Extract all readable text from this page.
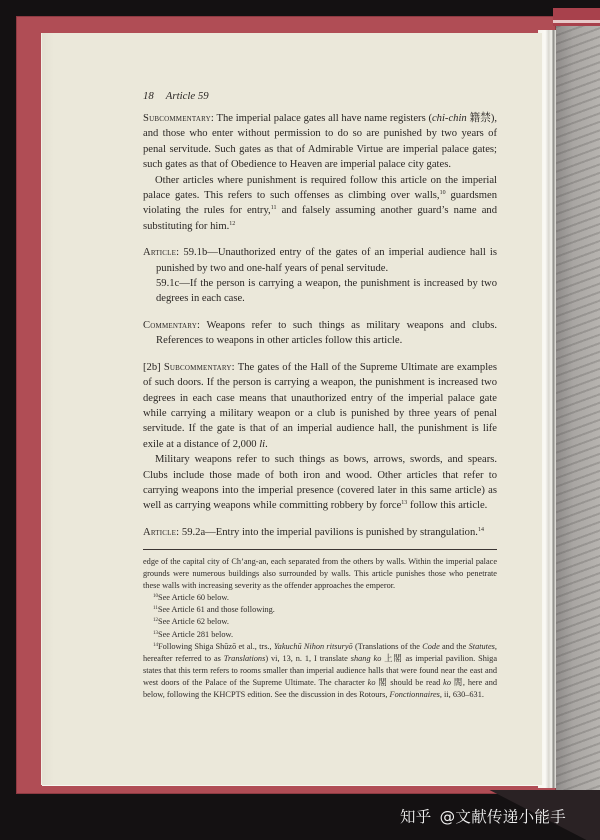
18 Article 59

Subcommentary: The imperial palace gates all have name registers (chi-chin 籍禁), and those who enter without permission to do so are punished by two years of penal servitude. Such gates as that of Admirable Virtue are imperial palace gates; such gates as that of Obedience to Heaven are imperial palace city gates.

Other articles where punishment is required follow this article on the imperial palace gates. This refers to such offenses as climbing over walls,$^{10}$ guardsmen violating the rules for entry,$^{11}$ and falsely assuming another guard’s name and substituting for him.$^{12}$

Article: 59.1b—Unauthorized entry of the gates of an imperial audience hall is punished by two and one-half years of penal servitude.

59.1c—If the person is carrying a weapon, the punishment is increased by two degrees in each case.

Commentary: Weapons refer to such things as military weapons and clubs. References to weapons in other articles follow this article.

[2b] Subcommentary: The gates of the Hall of the Supreme Ultimate are examples of such doors. If the person is carrying a weapon, the punishment is increased two degrees in each case means that unauthorized entry of the imperial palace gate while carrying a military weapon or a club is punished by three years of penal servitude. If the gate is that of an imperial audience hall, the punishment is life exile at a distance of 2,000 li.

Military weapons refer to such things as bows, arrows, swords, and spears. Clubs include those made of both iron and wood. Other articles that refer to carrying weapons into the imperial presence (covered later in this same article) as well as carrying weapons while committing robbery by force$^{13}$ follow this article.

Article: 59.2a—Entry into the imperial pavilions is punished by strangulation.$^{14}$

edge of the capital city of Ch’ang-an, each separated from the others by walls. Within the imperial palace grounds were numerous buildings also surrounded by walls. This article punishes those who penetrate these walls with increasing severity as the offender approaches the emperor.

$^{10}$See Article 60 below.

$^{11}$See Article 61 and those following.

$^{12}$See Article 62 below.

$^{13}$See Article 281 below.

$^{14}$Following Shiga Shūzō et al., trs., Yakuchū Nihon ritsuryō (Translations of the Code and the Statutes, hereafter referred to as Translations) vi, 13, n. 1, I translate shang ko 上閣 as imperial pavilion. Shiga states that this term refers to rooms smaller than imperial audience halls that were found near the east and west doors of the Palace of the Supreme Ultimate. The character ko 閣 should be read ko 閤, here and below, following the KHCPTS edition. See the discussion in des Rotours, Fonctionnaires, ii, 630–631.

知乎 @文献传递小能手
